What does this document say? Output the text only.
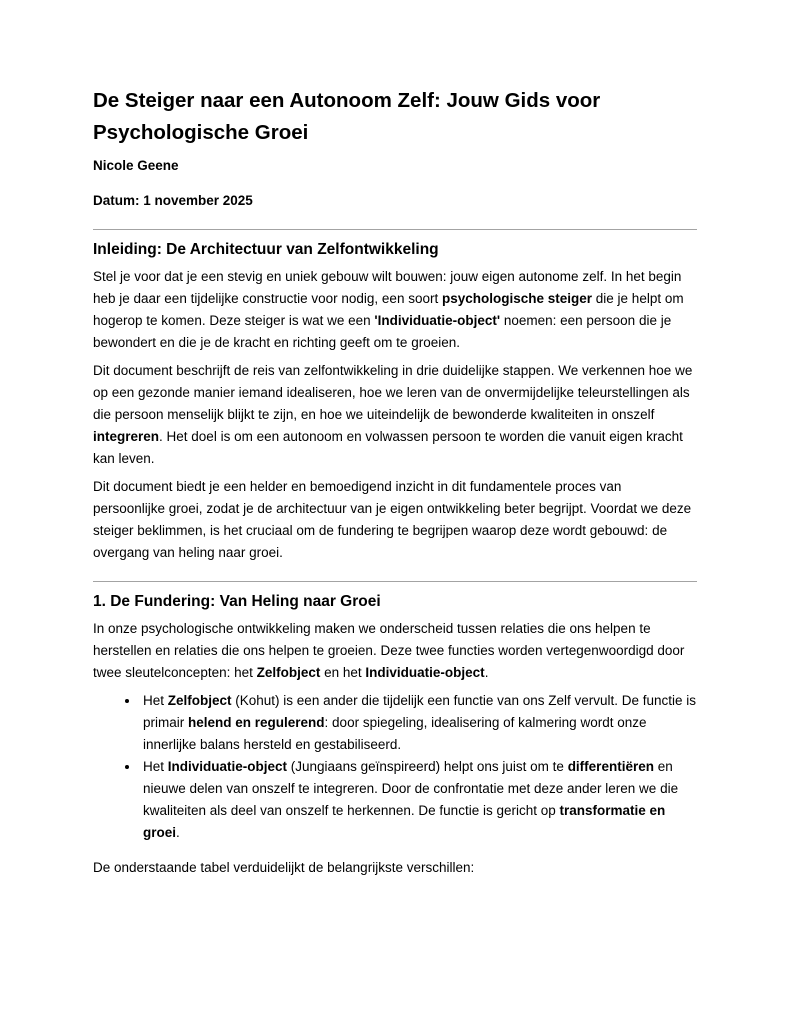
De Steiger naar een Autonoom Zelf: Jouw Gids voor Psychologische Groei

Nicole Geene

Datum: 1 november 2025

Inleiding: De Architectuur van Zelfontwikkeling

Stel je voor dat je een stevig en uniek gebouw wilt bouwen: jouw eigen autonome zelf. In het begin heb je daar een tijdelijke constructie voor nodig, een soort psychologische steiger die je helpt om hogerop te komen. Deze steiger is wat we een 'Individuatie-object' noemen: een persoon die je bewondert en die je de kracht en richting geeft om te groeien.

Dit document beschrijft de reis van zelfontwikkeling in drie duidelijke stappen. We verkennen hoe we op een gezonde manier iemand idealiseren, hoe we leren van de onvermijdelijke teleurstellingen als die persoon menselijk blijkt te zijn, en hoe we uiteindelijk de bewonderde kwaliteiten in onszelf integreren. Het doel is om een autonoom en volwassen persoon te worden die vanuit eigen kracht kan leven.

Dit document biedt je een helder en bemoedigend inzicht in dit fundamentele proces van persoonlijke groei, zodat je de architectuur van je eigen ontwikkeling beter begrijpt. Voordat we deze steiger beklimmen, is het cruciaal om de fundering te begrijpen waarop deze wordt gebouwd: de overgang van heling naar groei.

1. De Fundering: Van Heling naar Groei

In onze psychologische ontwikkeling maken we onderscheid tussen relaties die ons helpen te herstellen en relaties die ons helpen te groeien. Deze twee functies worden vertegenwoordigd door twee sleutelconcepten: het Zelfobject en het Individuatie-object.

• Het Zelfobject (Kohut) is een ander die tijdelijk een functie van ons Zelf vervult. De functie is primair helend en regulerend: door spiegeling, idealisering of kalmering wordt onze innerlijke balans hersteld en gestabiliseerd.
• Het Individuatie-object (Jungiaans geïnspireerd) helpt ons juist om te differentiëren en nieuwe delen van onszelf te integreren. Door de confrontatie met deze ander leren we die kwaliteiten als deel van onszelf te herkennen. De functie is gericht op transformatie en groei.

De onderstaande tabel verduidelijkt de belangrijkste verschillen:
